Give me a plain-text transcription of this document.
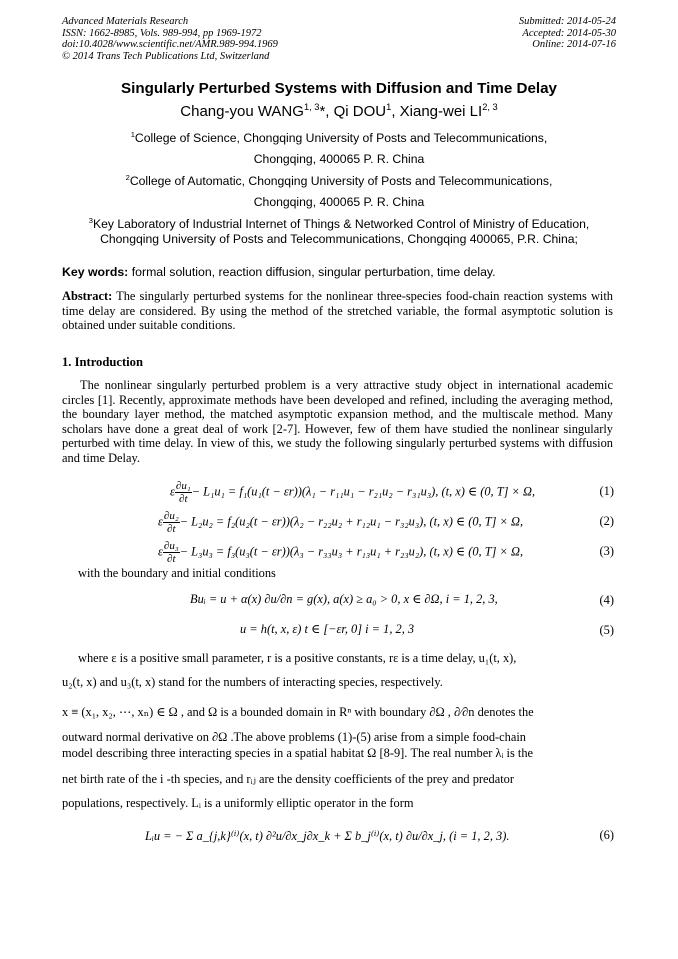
Advanced Materials Research
ISSN: 1662-8985, Vols. 989-994, pp 1969-1972
doi:10.4028/www.scientific.net/AMR.989-994.1969
© 2014 Trans Tech Publications Ltd, Switzerland
Submitted: 2014-05-24
Accepted: 2014-05-30
Online: 2014-07-16
Singularly Perturbed Systems with Diffusion and Time Delay
Chang-you WANG$^{1, 3}$*, Qi DOU$^1$, Xiang-wei LI$^{2, 3}$
$^1$College of Science, Chongqing University of Posts and Telecommunications,
Chongqing, 400065 P. R. China
$^2$College of Automatic, Chongqing University of Posts and Telecommunications,
Chongqing, 400065 P. R. China
$^3$Key Laboratory of Industrial Internet of Things & Networked Control of Ministry of Education,
Chongqing University of Posts and Telecommunications, Chongqing 400065, P.R. China;
Key words: formal solution, reaction diffusion, singular perturbation, time delay.
Abstract: The singularly perturbed systems for the nonlinear three-species food-chain reaction systems with time delay are considered. By using the method of the stretched variable, the formal asymptotic solution is obtained under suitable conditions.
1. Introduction
The nonlinear singularly perturbed problem is a very attractive study object in international academic circles [1]. Recently, approximate methods have been developed and refined, including the averaging method, the boundary layer method, the matched asymptotic expansion method, and the multiscale method. Many scholars have done a great deal of work [2-7]. However, few of them have studied the nonlinear singularly perturbed with time delay. In view of this, we study the following singularly perturbed systems with diffusion and time Delay.
ε $\frac{\text{∂u₁}}{\partial t} - L_1u_1 = f_1(u_1(t - \varepsilon r))(\lambda_1 - r_{11}u_1 - r_{21}u_2 - r_{31}u_3)$, (t, x) ∈ (0, T] × Ω,	(1)
ε $\frac{\text{∂u₂}}{\partial t} - L_2u_2 = f_2(u_2(t - \varepsilon r))(\lambda_2 - r_{22}u_2 + r_{12}u_1 - r_{32}u_3)$, (t, x) ∈ (0, T] × Ω,	(2)
ε $\frac{\text{∂u₃}}{\partial t} - L_3u_3 = f_3(u_3(t - \varepsilon r))(\lambda_3 - r_{33}u_3 + r_{13}u_1 + r_{23}u_2)$, (t, x) ∈ (0, T] × Ω,	(3)
with the boundary and initial conditions
Buᵢ = u + α(x) ∂u/∂n = g(x), a(x) ≥ a₀ > 0, x ∈ ∂Ω, i = 1, 2, 3,	(4)
u = h(t, x, ε) t ∈ [−εr, 0] i = 1, 2, 3	(5)
where ε is a positive small parameter, r is a positive constants, rε is a time delay, u₁(t, x),
u₂(t, x) and u₃(t, x) stand for the numbers of interacting species, respectively.
x ≡ (x₁, x₂, ⋯, xₙ) ∈ Ω , and Ω is a bounded domain in Rⁿ with boundary ∂Ω , ∂⁄∂n denotes the
outward normal derivative on ∂Ω .The above problems (1)-(5) arise from a simple food-chain
model describing three interacting species in a spatial habitat Ω [8-9]. The real number λᵢ is the
net birth rate of the i -th species, and rᵢⱼ are the density coefficients of the prey and predator
populations, respectively. Lᵢ is a uniformly elliptic operator in the form
Lᵢu = − Σ a_{j,k}⁽ⁱ⁾(x, t) ∂²u/∂x_j∂x_k + Σ b_j⁽ⁱ⁾(x, t) ∂u/∂x_j, (i = 1, 2, 3).	(6)
